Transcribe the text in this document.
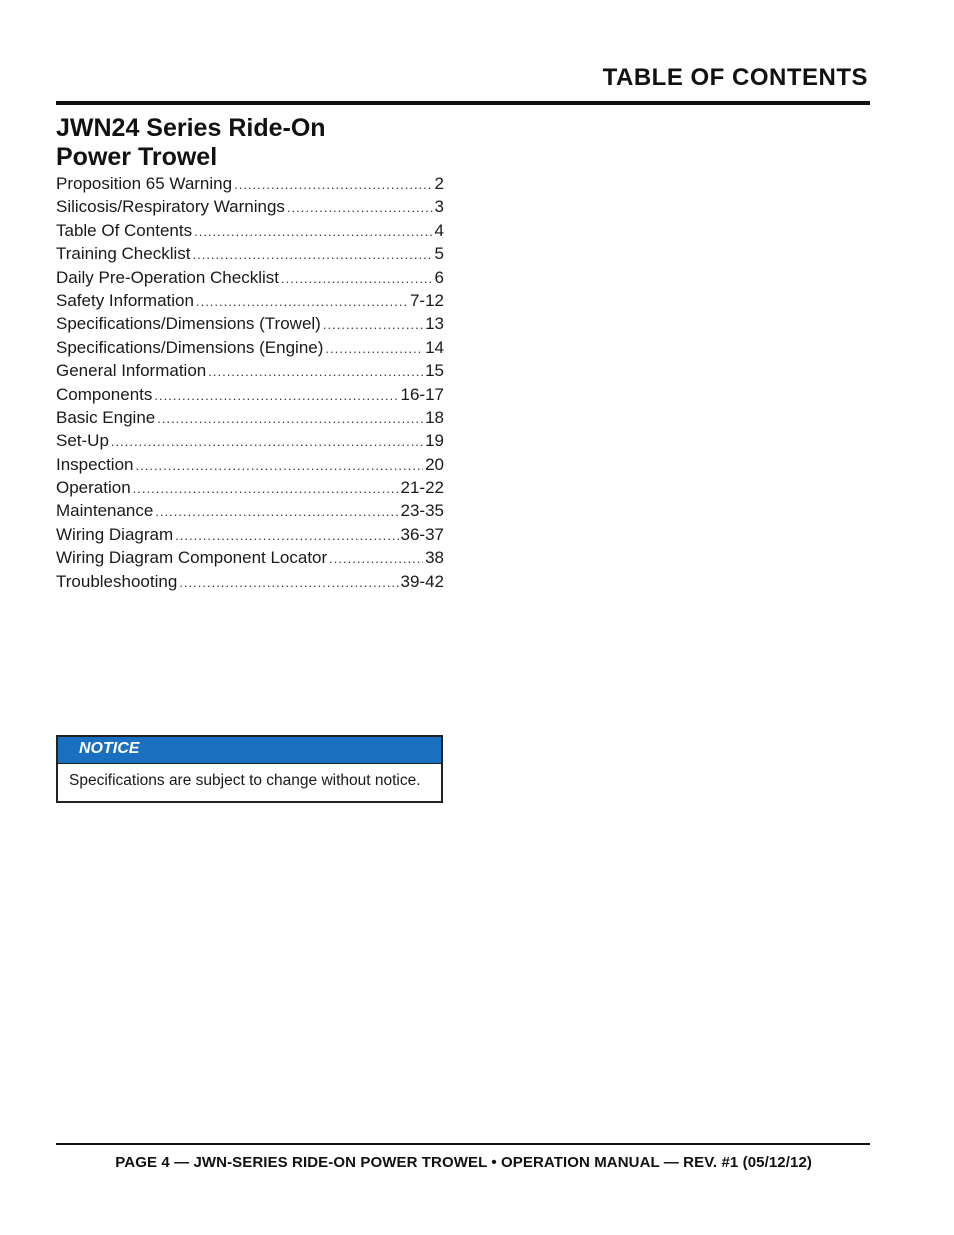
TABLE OF CONTENTS
JWN24 Series Ride-On
Power Trowel
Proposition 65 Warning .....	2
Silicosis/Respiratory Warnings .....	3
Table Of Contents .....	4
Training Checklist .....	5
Daily Pre-Operation Checklist .....	6
Safety Information .....	7-12
Specifications/Dimensions (Trowel) .....	13
Specifications/Dimensions (Engine) .....	14
General Information .....	15
Components .....	16-17
Basic Engine .....	18
Set-Up .....	19
Inspection .....	20
Operation .....	21-22
Maintenance .....	23-35
Wiring Diagram .....	36-37
Wiring Diagram Component Locator .....	38
Troubleshooting .....	39-42
NOTICE
Specifications are subject to change without notice.
PAGE 4 — JWN-SERIES RIDE-ON POWER TROWEL • OPERATION MANUAL — REV. #1 (05/12/12)
